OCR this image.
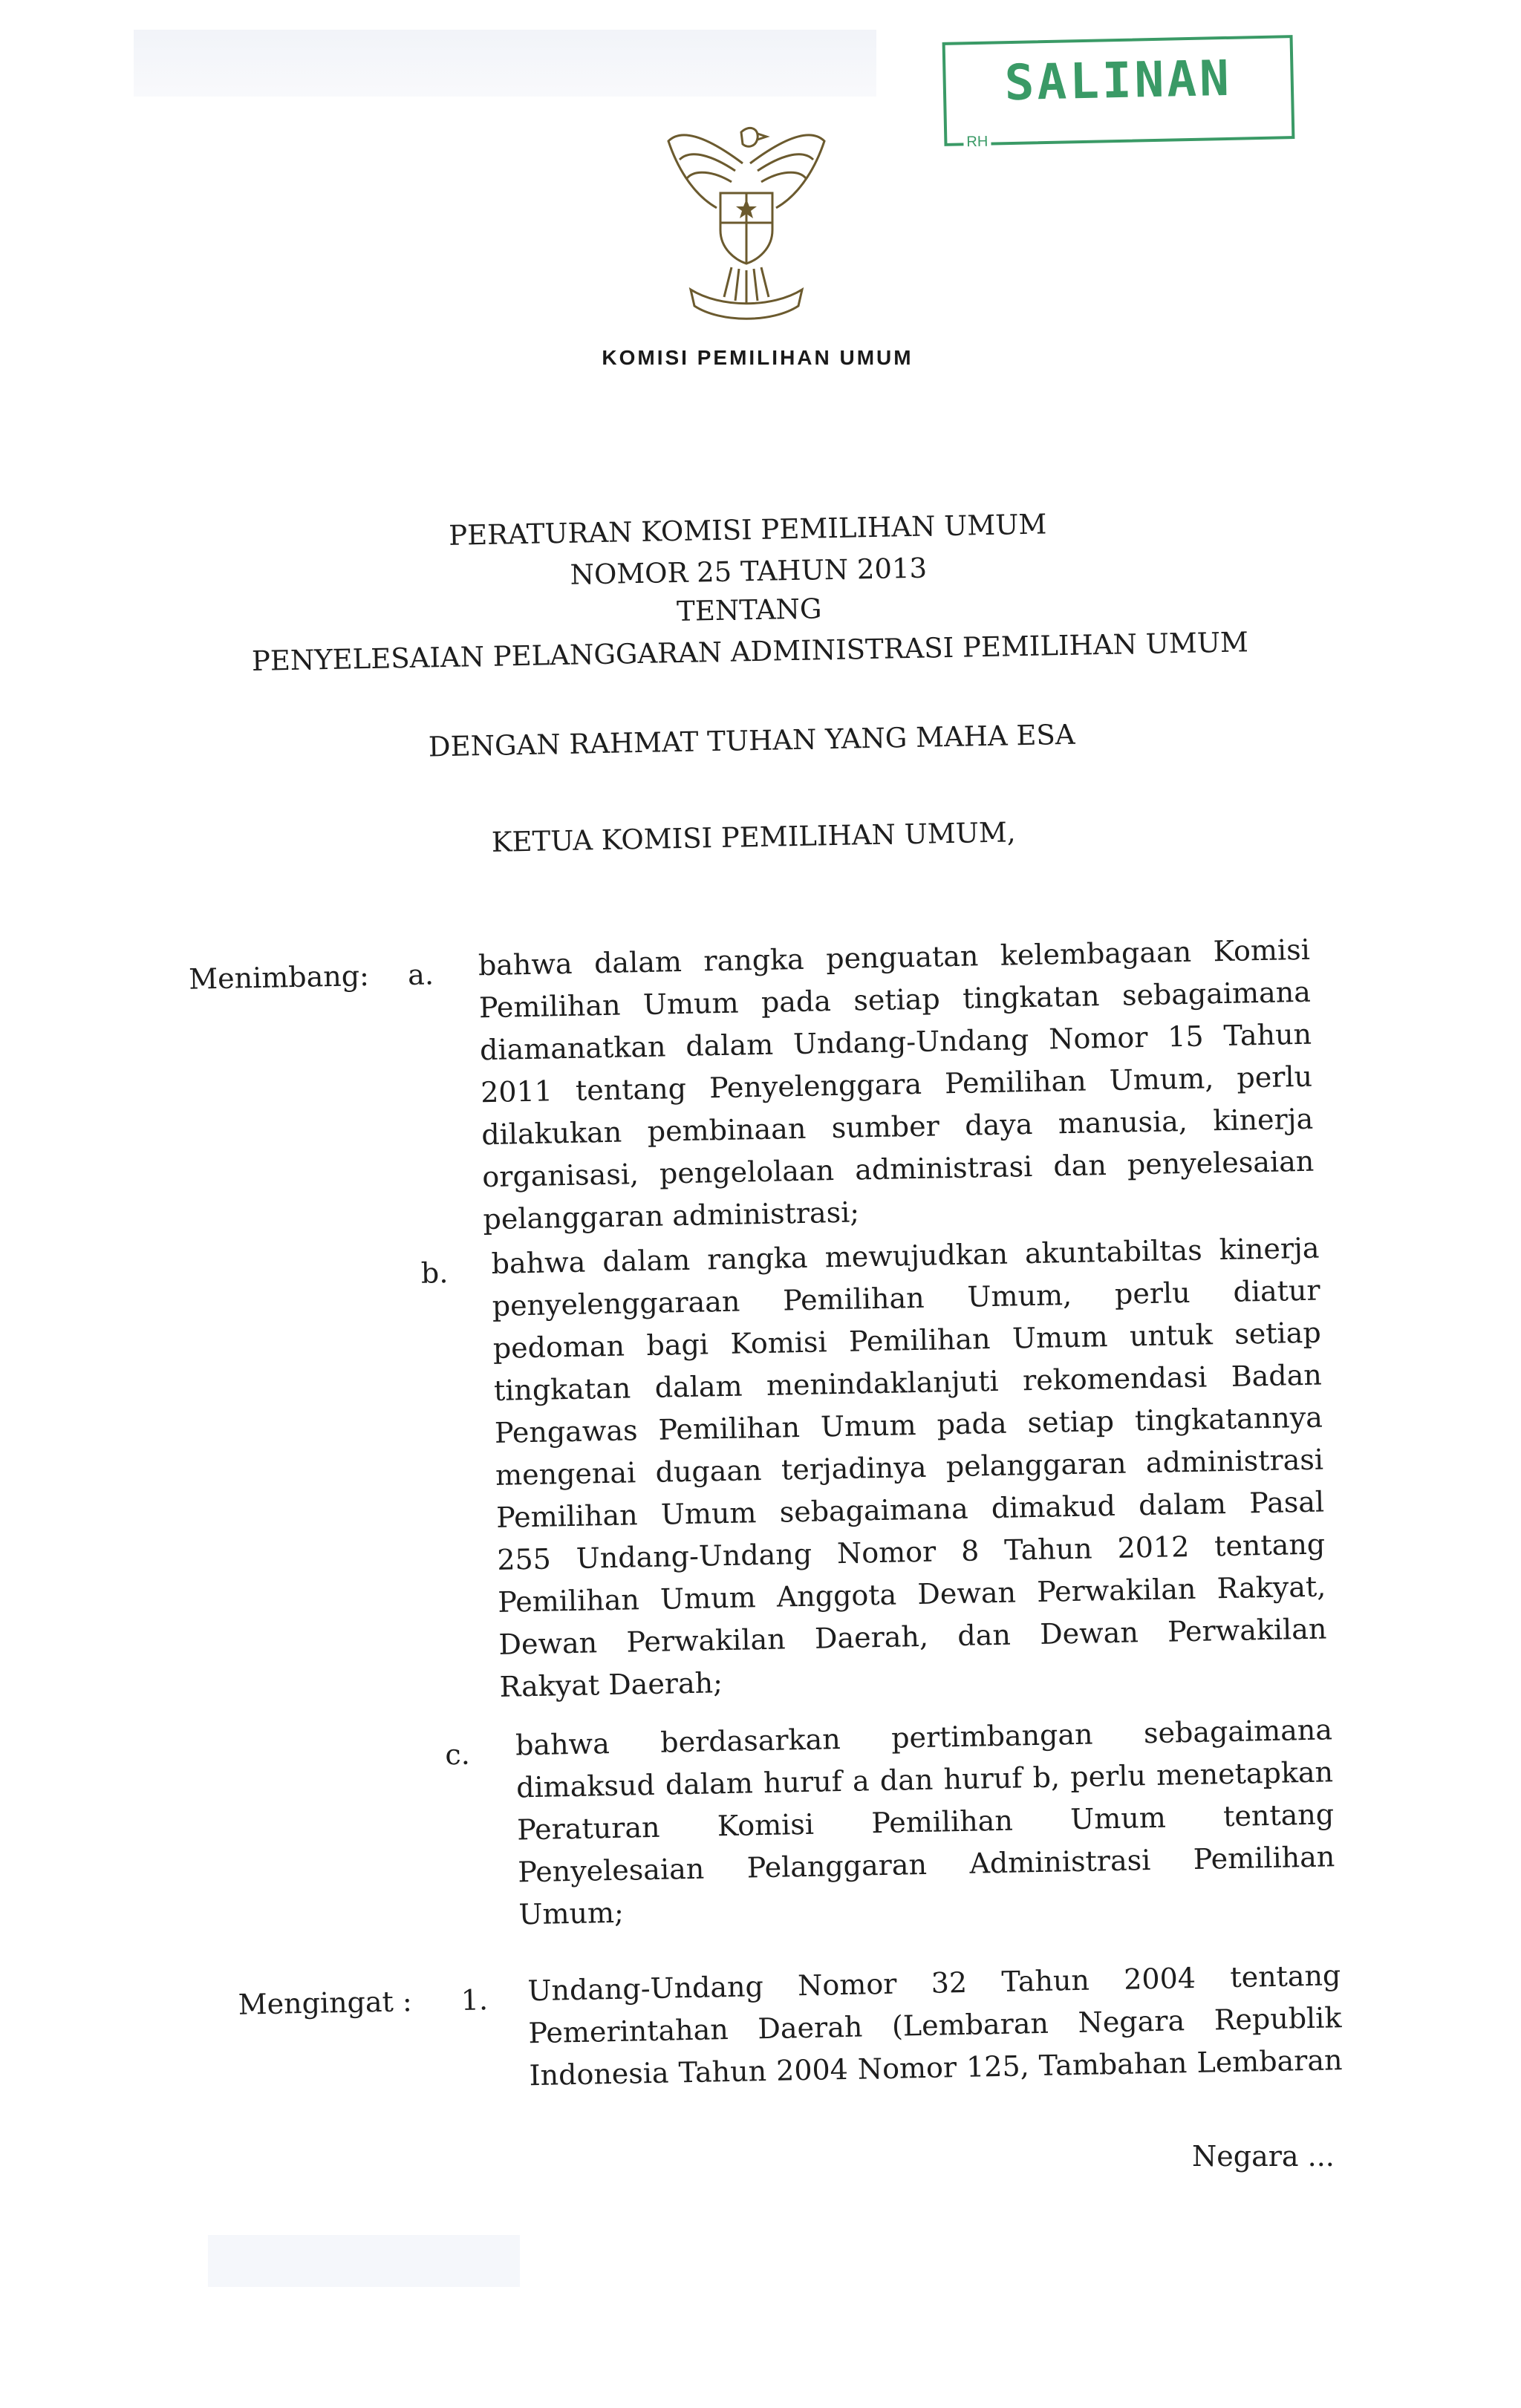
SALINAN
RH
KOMISI PEMILIHAN UMUM
PERATURAN KOMISI PEMILIHAN UMUM
NOMOR 25 TAHUN 2013
TENTANG
PENYELESAIAN PELANGGARAN ADMINISTRASI PEMILIHAN UMUM
DENGAN RAHMAT TUHAN YANG MAHA ESA
KETUA KOMISI PEMILIHAN UMUM,
Menimbang: a. bahwa dalam rangka penguatan kelembagaan Komisi
Pemilihan Umum pada setiap tingkatan sebagaimana
diamanatkan dalam Undang-Undang Nomor 15 Tahun
2011 tentang Penyelenggara Pemilihan Umum, perlu
dilakukan pembinaan sumber daya manusia, kinerja
organisasi, pengelolaan administrasi dan penyelesaian
pelanggaran administrasi;
b. bahwa dalam rangka mewujudkan akuntabiltas kinerja
penyelenggaraan Pemilihan Umum, perlu diatur
pedoman bagi Komisi Pemilihan Umum untuk setiap
tingkatan dalam menindaklanjuti rekomendasi Badan
Pengawas Pemilihan Umum pada setiap tingkatannya
mengenai dugaan terjadinya pelanggaran administrasi
Pemilihan Umum sebagaimana dimakud dalam Pasal
255 Undang-Undang Nomor 8 Tahun 2012 tentang
Pemilihan Umum Anggota Dewan Perwakilan Rakyat,
Dewan Perwakilan Daerah, dan Dewan Perwakilan
Rakyat Daerah;
c. bahwa berdasarkan pertimbangan sebagaimana
dimaksud dalam huruf a dan huruf b, perlu menetapkan
Peraturan Komisi Pemilihan Umum tentang
Penyelesaian Pelanggaran Administrasi Pemilihan
Umum;
Mengingat : 1. Undang-Undang Nomor 32 Tahun 2004 tentang
Pemerintahan Daerah (Lembaran Negara Republik
Indonesia Tahun 2004 Nomor 125, Tambahan Lembaran
Negara ...
